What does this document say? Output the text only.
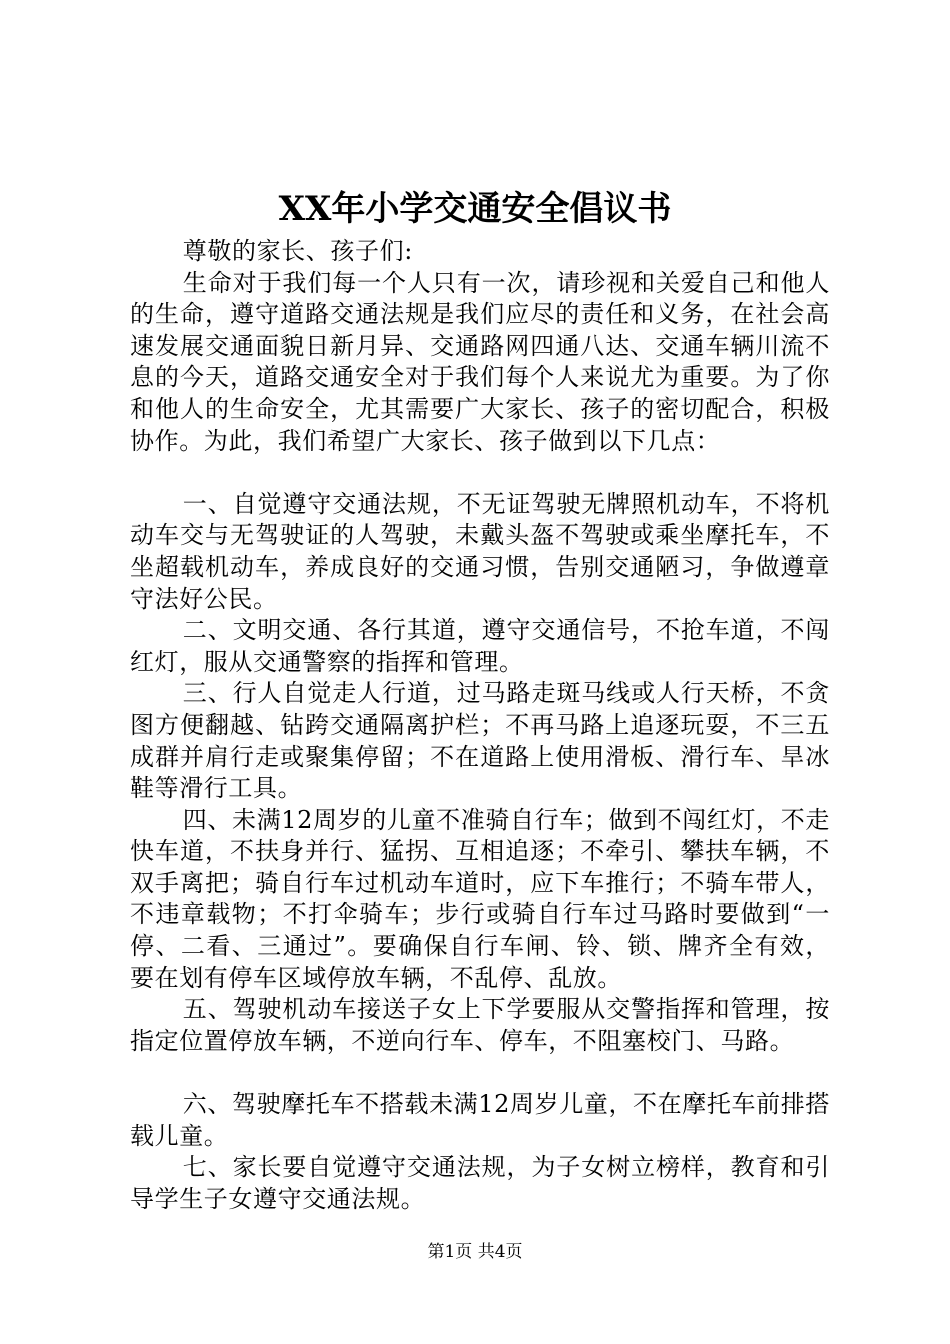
XX年小学交通安全倡议书

尊敬的家长、孩子们:

生命对于我们每一个人只有一次，请珍视和关爱自己和他人的生命，遵守道路交通法规是我们应尽的责任和义务，在社会高速发展交通面貌日新月异、交通路网四通八达、交通车辆川流不息的今天，道路交通安全对于我们每个人来说尤为重要。为了你和他人的生命安全，尤其需要广大家长、孩子的密切配合，积极协作。为此，我们希望广大家长、孩子做到以下几点：

一、自觉遵守交通法规，不无证驾驶无牌照机动车，不将机动车交与无驾驶证的人驾驶，未戴头盔不驾驶或乘坐摩托车，不坐超载机动车，养成良好的交通习惯，告别交通陋习，争做遵章守法好公民。

二、文明交通、各行其道，遵守交通信号，不抢车道，不闯红灯，服从交通警察的指挥和管理。

三、行人自觉走人行道，过马路走斑马线或人行天桥，不贪图方便翻越、钻跨交通隔离护栏；不再马路上追逐玩耍，不三五成群并肩行走或聚集停留；不在道路上使用滑板、滑行车、旱冰鞋等滑行工具。

四、未满12周岁的儿童不准骑自行车；做到不闯红灯，不走快车道，不扶身并行、猛拐、互相追逐；不牵引、攀扶车辆，不双手离把；骑自行车过机动车道时，应下车推行；不骑车带人，不违章载物；不打伞骑车；步行或骑自行车过马路时要做到“一停、二看、三通过”。要确保自行车闸、铃、锁、牌齐全有效，要在划有停车区域停放车辆，不乱停、乱放。

五、驾驶机动车接送子女上下学要服从交警指挥和管理，按指定位置停放车辆，不逆向行车、停车，不阻塞校门、马路。

六、驾驶摩托车不搭载未满12周岁儿童，不在摩托车前排搭载儿童。

七、家长要自觉遵守交通法规，为子女树立榜样，教育和引导学生子女遵守交通法规。

第1页 共4页
